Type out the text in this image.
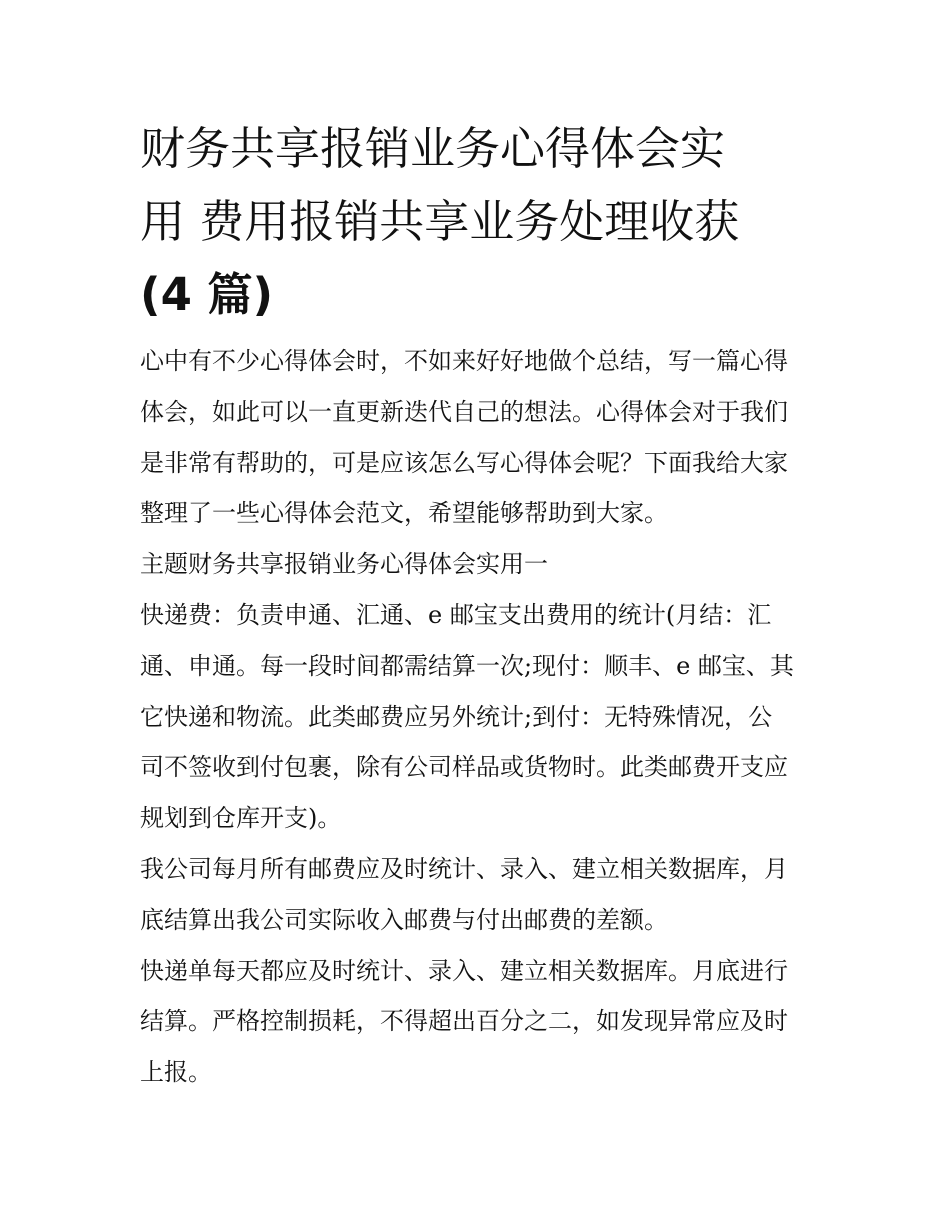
财务共享报销业务心得体会实
用 费用报销共享业务处理收获
(4 篇)

心中有不少心得体会时，不如来好好地做个总结，写一篇心得
体会，如此可以一直更新迭代自己的想法。心得体会对于我们
是非常有帮助的，可是应该怎么写心得体会呢？下面我给大家
整理了一些心得体会范文，希望能够帮助到大家。

主题财务共享报销业务心得体会实用一

快递费：负责申通、汇通、e 邮宝支出费用的统计(月结：汇
通、申通。每一段时间都需结算一次;现付：顺丰、e 邮宝、其
它快递和物流。此类邮费应另外统计;到付：无特殊情况，公
司不签收到付包裹，除有公司样品或货物时。此类邮费开支应
规划到仓库开支)。

我公司每月所有邮费应及时统计、录入、建立相关数据库，月
底结算出我公司实际收入邮费与付出邮费的差额。

快递单每天都应及时统计、录入、建立相关数据库。月底进行
结算。严格控制损耗，不得超出百分之二，如发现异常应及时
上报。
